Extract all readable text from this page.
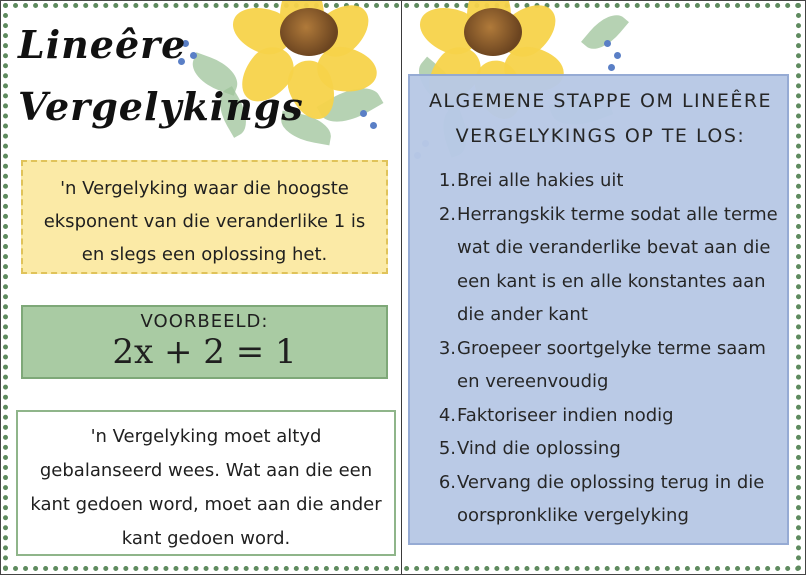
Lineêre
Vergelykings
'n Vergelyking waar die hoogste eksponent van die veranderlike 1 is en slegs een oplossing het.
VOORBEELD:
2x + 2 = 1
'n Vergelyking moet altyd gebalanseerd wees. Wat aan die een kant gedoen word, moet aan die ander kant gedoen word.
ALGEMENE STAPPE OM LINEÊRE
VERGELYKINGS OP TE LOS:
1. Brei alle hakies uit
2. Herrangskik terme sodat alle terme wat die veranderlike bevat aan die een kant is en alle konstantes aan die ander kant
3. Groepeer soortgelyke terme saam en vereenvoudig
4. Faktoriseer indien nodig
5. Vind die oplossing
6. Vervang die oplossing terug in die oorspronklike vergelyking
